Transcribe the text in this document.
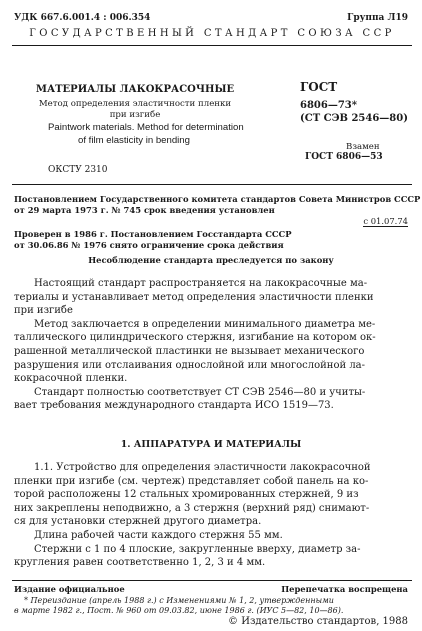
УДК 667.6.001.4 : 006.354	Группа Л19
ГОСУДАРСТВЕННЫЙ СТАНДАРТ СОЮЗА ССР
МАТЕРИАЛЫ ЛАКОКРАСОЧНЫЕ
Метод определения эластичности пленки
при изгибе
Paintwork materials. Method for determination
of film elasticity in bending
ОКСТУ 2310
ГОСТ
6806—73*
(СТ СЭВ 2546—80)
Взамен
ГОСТ 6806—53
Постановлением Государственного комитета стандартов Совета Министров СССР
от 29 марта 1973 г. № 745 срок введения установлен
с 01.07.74
Проверен в 1986 г. Постановлением Госстандарта СССР
от 30.06.86 № 1976 снято ограничение срока действия
Несоблюдение стандарта преследуется по закону

Настоящий стандарт распространяется на лакокрасочные ма-

териалы и устанавливает метод определения эластичности пленки
при изгибе

Метод заключается в определении минимального диаметра ме-

таллического цилиндрического стержня, изгибание на котором ок-
рашенной металлической пластинки не вызывает механического
разрушения или отслаивания однослойной или многослойной ла-
кокрасочной пленки.

Стандарт полностью соответствует СТ СЭВ 2546—80 и учиты-

вает требования международного стандарта ИСО 1519—73.
1. АППАРАТУРА И МАТЕРИАЛЫ

1.1. Устройство для определения эластичности лакокрасочной

пленки при изгибе (см. чертеж) представляет собой панель на ко-
торой расположены 12 стальных хромированных стержней, 9 из
них закреплены неподвижно, а 3 стержня (верхний ряд) снимают-
ся для установки стержней другого диаметра.

Длина рабочей части каждого стержня 55 мм.

Стержни с 1 по 4 плоские, закругленные вверху, диаметр за-

кругления равен соответственно 1, 2, 3 и 4 мм.
Издание официальное	Перепечатка воспрещена
* Переиздание (апрель 1988 г.) с Изменениями № 1, 2, утвержденными
в марте 1982 г., Пост. № 960 от 09.03.82, июне 1986 г. (ИУС 5—82, 10—86).
© Издательство стандартов, 1988
